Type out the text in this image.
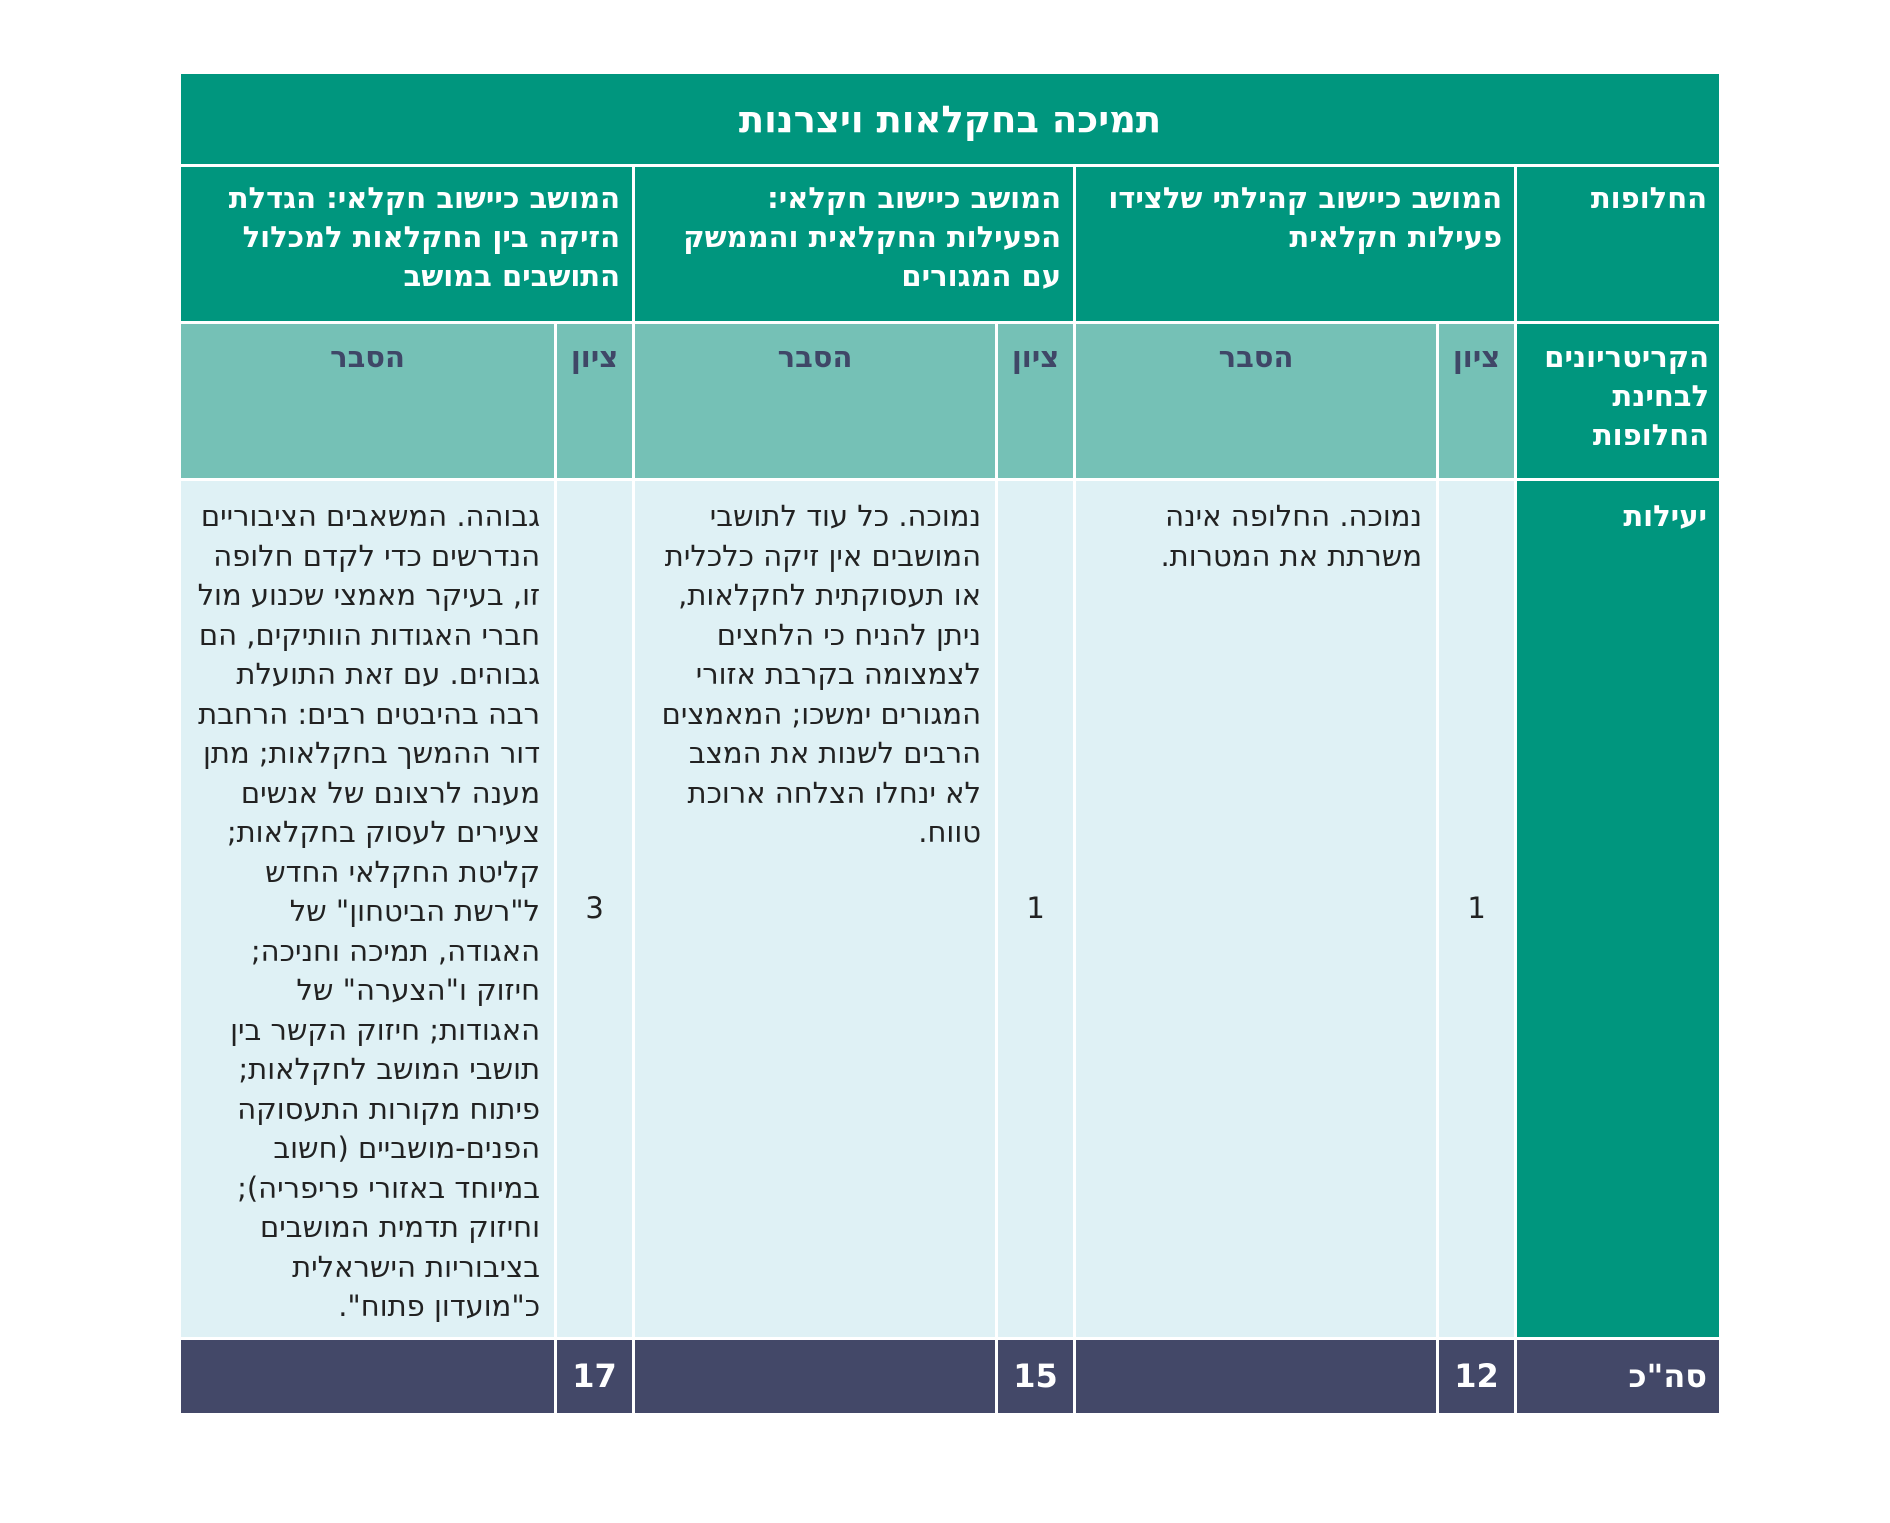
תמיכה בחקלאות ויצרנות						
החלופות	המושב כיישוב קהילתי שלצידו פעילות חקלאית		המושב כיישוב חקלאי: הפעילות החקלאית והממשק עם המגורים		המושב כיישוב חקלאי: הגדלת הזיקה בין החקלאות למכלול התושבים במושב	
הקריטריונים לבחינת החלופות	ציון	הסבר	ציון	הסבר	ציון	הסבר
יעילות	1	נמוכה. החלופה אינה משרתת את המטרות.	1	נמוכה. כל עוד לתושבי המושבים אין זיקה כלכלית או תעסוקתית לחקלאות, ניתן להניח כי הלחצים לצמצומה בקרבת אזורי המגורים ימשכו; המאמצים הרבים לשנות את המצב לא ינחלו הצלחה ארוכת טווח.	3	גבוהה. המשאבים הציבוריים הנדרשים כדי לקדם חלופה זו, בעיקר מאמצי שכנוע מול חברי האגודות הוותיקים, הם גבוהים. עם זאת התועלת רבה בהיבטים רבים: הרחבת דור ההמשך בחקלאות; מתן מענה לרצונם של אנשים צעירים לעסוק בחקלאות; קליטת החקלאי החדש ל"רשת הביטחון" של האגודה, תמיכה וחניכה; חיזוק ו"הצערה" של האגודות; חיזוק הקשר בין תושבי המושב לחקלאות; פיתוח מקורות התעסוקה הפנים-מושביים (חשוב במיוחד באזורי פריפריה); וחיזוק תדמית המושבים בציבוריות הישראלית כ"מועדון פתוח".
סה"כ	12		15		17	
